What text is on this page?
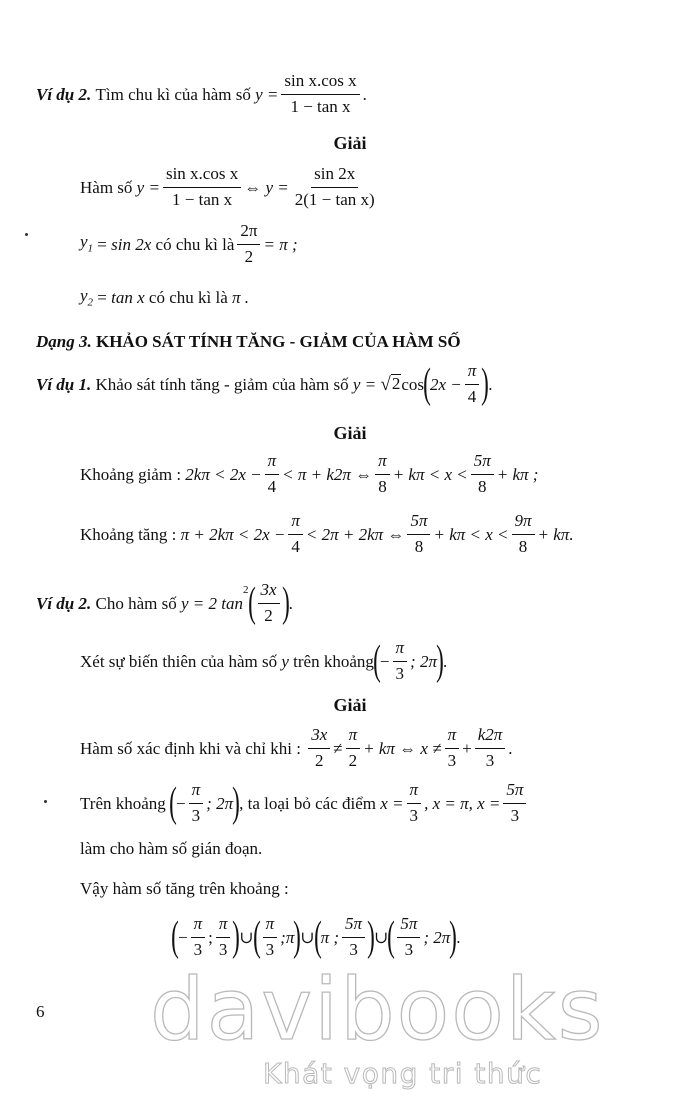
Ví dụ 2.
Tìm chu kì của hàm số
$y = \frac{\text{sin x.cos x}}{\text{1 − tan x}}$ .
Giải
Hàm số
$y = \frac{\text{sin x.cos x}}{\text{1 − tan x}}$ ⇔ $y = \frac{\sin 2x}{\text{2(1 − tan x)}}$
$y_1 = \sin 2x$
có chu kì là $\frac{2\pi}{2} = \pi$ ;
$y_2 = \tan x$
có chu kì là
π .
Dạng 3. KHẢO SÁT TÍNH TĂNG - GIẢM CỦA HÀM SỐ
Ví dụ 1.
Khảo sát tính tăng - giảm của hàm số
y =
√ 2 cos ( $2x - \frac{\pi}{4}$ ) .
Giải
Khoảng giảm :
$2k\pi < 2x - \frac{\pi}{4} < \pi + k2\pi$ ⇔ $\frac{\pi}{8} + k\pi < x < \frac{5\pi}{8} + k\pi$ ;
Khoảng tăng :
$\pi + 2k\pi < 2x - \frac{\pi}{4} < 2\pi + 2k\pi$ ⇔ $\frac{5\pi}{8} + k\pi < x < \frac{9\pi}{8} + k\pi$.
Ví dụ 2.
Cho hàm số
y = 2 tan
$^2$ ( $\frac{3x}{2}$ ) .
Xét sự biến thiên của hàm số
y
trên khoảng ( − $\frac{\pi}{3}$ ; 2π ) .
Giải
Hàm số xác định khi và chỉ khi :
$\frac{3x}{2} \ne \frac{\pi}{2} + k\pi$ ⇔ $x \ne \frac{\pi}{3} + \frac{k2\pi}{3}$ .
Trên khoảng
( − $\frac{\pi}{3}$ ; 2π ) , ta loại bỏ các điểm
$x = \frac{\pi}{3}$ , x = π, $x = \frac{5\pi}{3}$
làm cho hàm số gián đoạn.
Vậy hàm số tăng trên khoảng :
( − $\frac{\pi}{3}$ ; $\frac{\pi}{3}$ ) ∪ ( $\frac{\pi}{3}$ ;π ) ∪ ( π ; $\frac{5\pi}{3}$ ) ∪ ( $\frac{5\pi}{3}$ ; 2π ) .
6 davibooks
Khát vọng tri thức
